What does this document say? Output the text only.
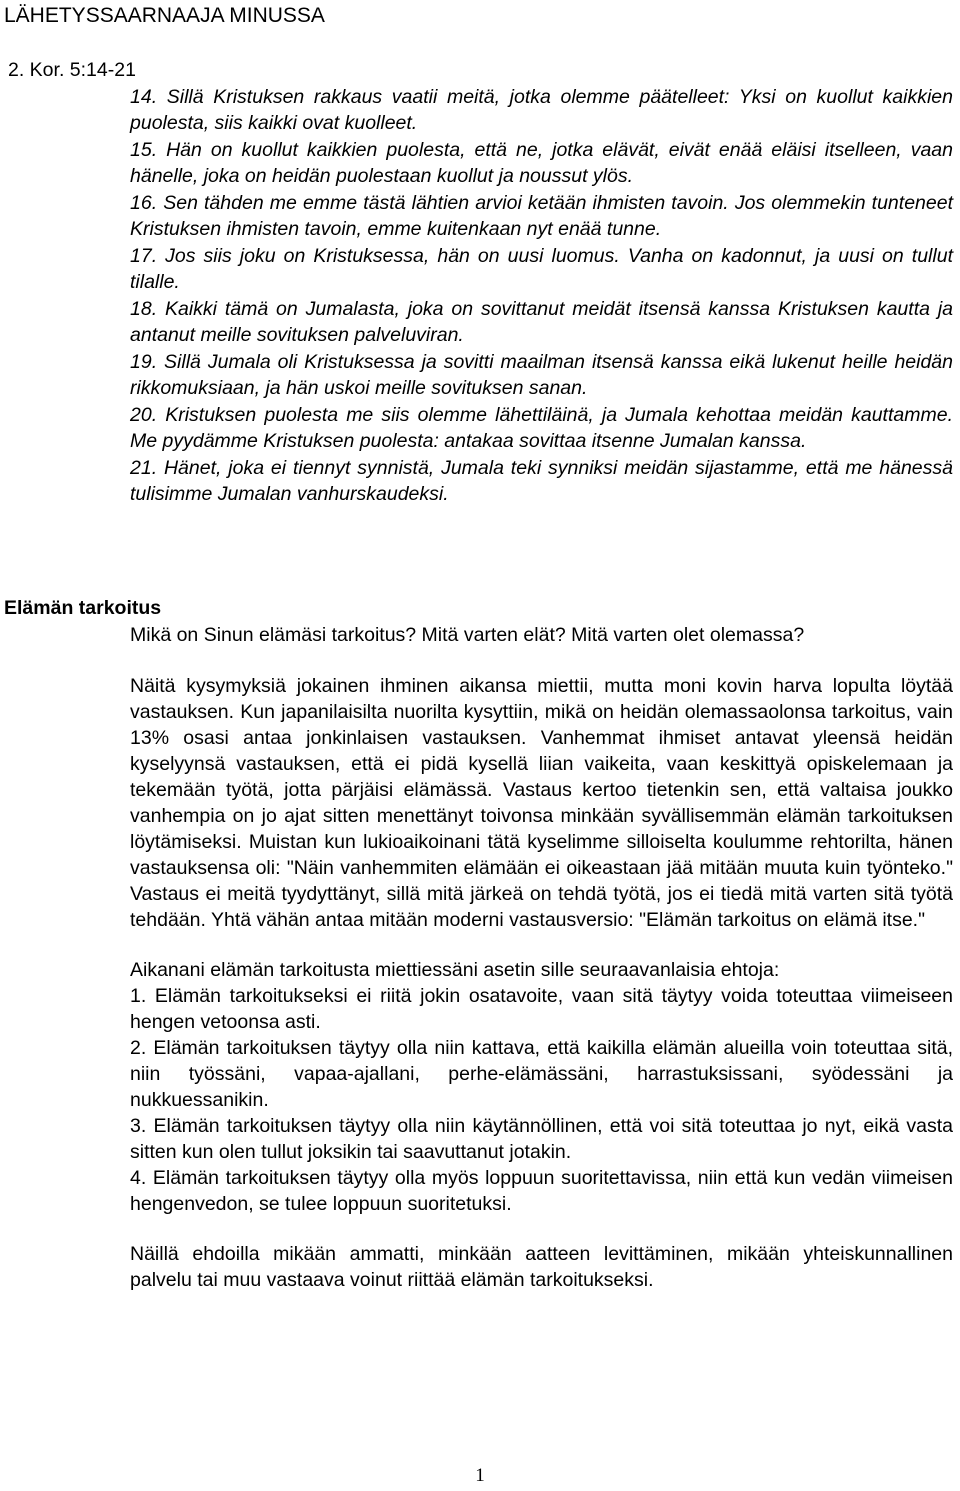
LÄHETYSSAARNAAJA MINUSSA

2. Kor. 5:14-21

14. Sillä Kristuksen rakkaus vaatii meitä, jotka olemme päätelleet: Yksi on kuollut kaikkien puolesta, siis kaikki ovat kuolleet.

15. Hän on kuollut kaikkien puolesta, että ne, jotka elävät, eivät enää eläisi itselleen, vaan hänelle, joka on heidän puolestaan kuollut ja noussut ylös.

16. Sen tähden me emme tästä lähtien arvioi ketään ihmisten tavoin. Jos olemmekin tunteneet Kristuksen ihmisten tavoin, emme kuitenkaan nyt enää tunne.

17. Jos siis joku on Kristuksessa, hän on uusi luomus. Vanha on kadonnut, ja uusi on tullut tilalle.

18. Kaikki tämä on Jumalasta, joka on sovittanut meidät itsensä kanssa Kristuksen kautta ja antanut meille sovituksen palveluviran.

19. Sillä Jumala oli Kristuksessa ja sovitti maailman itsensä kanssa eikä lukenut heille heidän rikkomuksiaan, ja hän uskoi meille sovituksen sanan.

20. Kristuksen puolesta me siis olemme lähettiläinä, ja Jumala kehottaa meidän kauttamme. Me pyydämme Kristuksen puolesta: antakaa sovittaa itsenne Jumalan kanssa.

21. Hänet, joka ei tiennyt synnistä, Jumala teki synniksi meidän sijastamme, että me hänessä tulisimme Jumalan vanhurskaudeksi.

Elämän tarkoitus

Mikä on Sinun elämäsi tarkoitus? Mitä varten elät? Mitä varten olet olemassa?

Näitä kysymyksiä jokainen ihminen aikansa miettii, mutta moni kovin harva lopulta löytää vastauksen. Kun japanilaisilta nuorilta kysyttiin, mikä on heidän olemassaolonsa tarkoitus, vain 13% osasi antaa jonkinlaisen vastauksen. Vanhemmat ihmiset antavat yleensä heidän kyselyynsä vastauksen, että ei pidä kysellä liian vaikeita, vaan keskittyä opiskelemaan ja tekemään työtä, jotta pärjäisi elämässä. Vastaus kertoo tietenkin sen, että valtaisa joukko vanhempia on jo ajat sitten menettänyt toivonsa minkään syvällisemmän elämän tarkoituksen löytämiseksi. Muistan kun lukioaikoinani tätä kyselimme silloiselta koulumme rehtorilta, hänen vastauksensa oli: "Näin vanhemmiten elämään ei oikeastaan jää mitään muuta kuin työnteko." Vastaus ei meitä tyydyttänyt, sillä mitä järkeä on tehdä työtä, jos ei tiedä mitä varten sitä työtä tehdään. Yhtä vähän antaa mitään moderni vastausversio: "Elämän tarkoitus on elämä itse."

Aikanani elämän tarkoitusta miettiessäni asetin sille seuraavanlaisia ehtoja:

1. Elämän tarkoitukseksi ei riitä jokin osatavoite, vaan sitä täytyy voida toteuttaa viimeiseen hengen vetoonsa asti.

2. Elämän tarkoituksen täytyy olla niin kattava, että kaikilla elämän alueilla voin toteuttaa sitä, niin työssäni, vapaa-ajallani, perhe-elämässäni, harrastuksissani, syödessäni ja nukkuessanikin.

3. Elämän tarkoituksen täytyy olla niin käytännöllinen, että voi sitä toteuttaa jo nyt, eikä vasta sitten kun olen tullut joksikin tai saavuttanut jotakin.

4. Elämän tarkoituksen täytyy olla myös loppuun suoritettavissa, niin että kun vedän viimeisen hengenvedon, se tulee loppuun suoritetuksi.

Näillä ehdoilla mikään ammatti, minkään aatteen levittäminen, mikään yhteiskunnallinen palvelu tai muu vastaava voinut riittää elämän tarkoitukseksi.

1
